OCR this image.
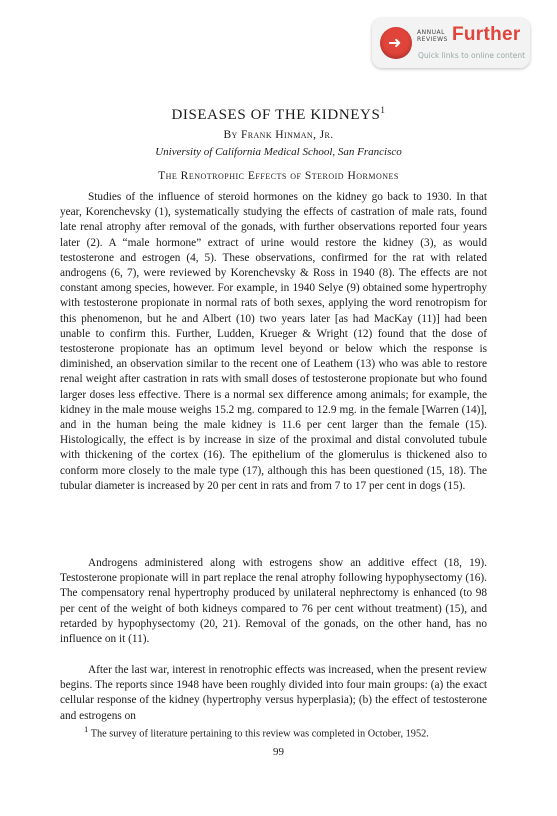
➜
ANNUAL REVIEWS Further
Quick links to online content
DISEASES OF THE KIDNEYS$^1$
By Frank Hinman, Jr.
University of California Medical School, San Francisco
The Renotrophic Effects of Steroid Hormones

Studies of the influence of steroid hormones on the kidney go back to 1930. In that year, Korenchevsky (1), systematically studying the effects of castration of male rats, found late renal atrophy after removal of the gonads, with further observations reported four years later (2). A “male hormone” extract of urine would restore the kidney (3), as would testosterone and estrogen (4, 5). These observations, confirmed for the rat with related androgens (6, 7), were reviewed by Korenchevsky & Ross in 1940 (8). The effects are not constant among species, however. For example, in 1940 Selye (9) obtained some hypertrophy with testosterone propionate in normal rats of both sexes, applying the word renotropism for this phenomenon, but he and Albert (10) two years later [as had MacKay (11)] had been unable to confirm this. Further, Ludden, Krueger & Wright (12) found that the dose of testosterone propionate has an optimum level beyond or below which the response is diminished, an observation similar to the recent one of Leathem (13) who was able to restore renal weight after castration in rats with small doses of testosterone propionate but who found larger doses less effective. There is a normal sex difference among animals; for example, the kidney in the male mouse weighs 15.2 mg. compared to 12.9 mg. in the female [Warren (14)], and in the human being the male kidney is 11.6 per cent larger than the female (15). Histologically, the effect is by increase in size of the proximal and distal convoluted tubule with thickening of the cortex (16). The epithelium of the glomerulus is thickened also to conform more closely to the male type (17), although this has been questioned (15, 18). The tubular diameter is increased by 20 per cent in rats and from 7 to 17 per cent in dogs (15).

Androgens administered along with estrogens show an additive effect (18, 19). Testosterone propionate will in part replace the renal atrophy following hypophysectomy (16). The compensatory renal hypertrophy produced by unilateral nephrectomy is enhanced (to 98 per cent of the weight of both kidneys compared to 76 per cent without treatment) (15), and retarded by hypophysectomy (20, 21). Removal of the gonads, on the other hand, has no influence on it (11).

After the last war, interest in renotrophic effects was increased, when the present review begins. The reports since 1948 have been roughly divided into four main groups: (a) the exact cellular response of the kidney (hypertrophy versus hyperplasia); (b) the effect of testosterone and estrogens on

$^1$ The survey of literature pertaining to this review was completed in October, 1952.
99
